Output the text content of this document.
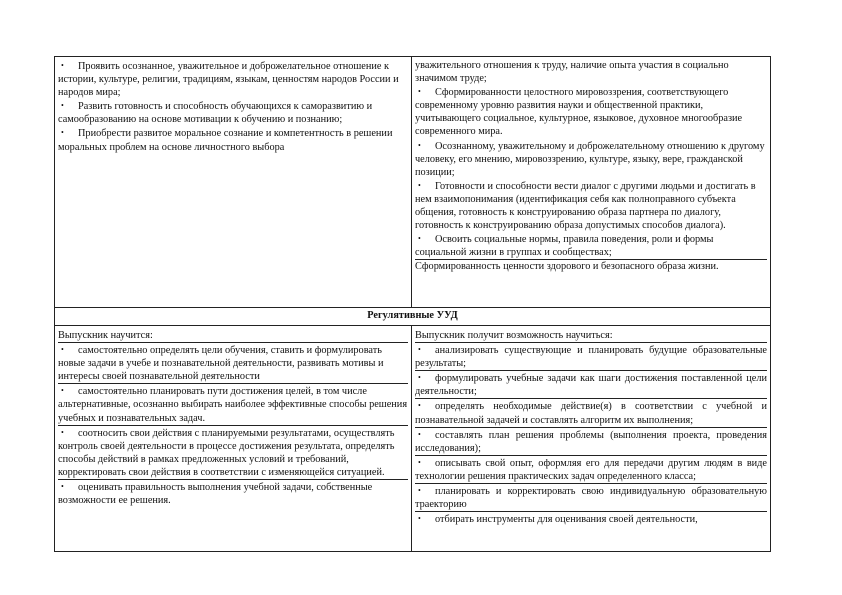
• Проявить осознанное, уважительное и доброжелательное отношение к истории, культуре, религии, традициям, языкам, ценностям народов России и народов мира;

• Развить готовность и способность обучающихся к саморазвитию и самообразованию на основе мотивации к обучению и познанию;

• Приобрести развитое моральное сознание и компетентность в решении моральных проблем на основе личностного выбора

уважительного отношения к труду, наличие опыта участия в социально значимом труде;

• Сформированности целостного мировоззрения, соответствующего современному уровню развития науки и общественной практики, учитывающего социальное, культурное, языковое, духовное многообразие современного мира.

• Осознанному, уважительному и доброжелательному отношению к другому человеку, его мнению, мировоззрению, культуре, языку, вере, гражданской позиции;

• Готовности и способности вести диалог с другими людьми и достигать в нем взаимопонимания (идентификация себя как полноправного субъекта общения, готовность к конструированию образа партнера по диалогу, готовность к конструированию образа допустимых способов диалога).

• Освоить социальные нормы, правила поведения, роли и формы социальной жизни в группах и сообществах;

Сформированность ценности здорового и безопасного образа жизни.

Регулятивные УУД

Выпускник научится:

• самостоятельно определять цели обучения, ставить и формулировать новые задачи в учебе и познавательной деятельности, развивать мотивы и интересы своей познавательной деятельности

• самостоятельно планировать пути достижения целей, в том числе альтернативные, осознанно выбирать наиболее эффективные способы решения учебных и познавательных задач.

• соотносить свои действия с планируемыми результатами, осуществлять контроль своей деятельности в процессе достижения результата, определять способы действий в рамках предложенных условий и требований, корректировать свои действия в соответствии с изменяющейся ситуацией.

• оценивать правильность выполнения учебной задачи, собственные возможности ее решения.

Выпускник получит возможность научиться:

• анализировать существующие и планировать будущие образовательные результаты;

• формулировать учебные задачи как шаги достижения поставленной цели деятельности;

• определять необходимые действие(я) в соответствии с учебной и познавательной задачей и составлять алгоритм их выполнения;

• составлять план решения проблемы (выполнения проекта, проведения исследования);

• описывать свой опыт, оформляя его для передачи другим людям в виде технологии решения практических задач определенного класса;

• планировать и корректировать свою индивидуальную образовательную траекторию

• отбирать инструменты для оценивания своей деятельности,
